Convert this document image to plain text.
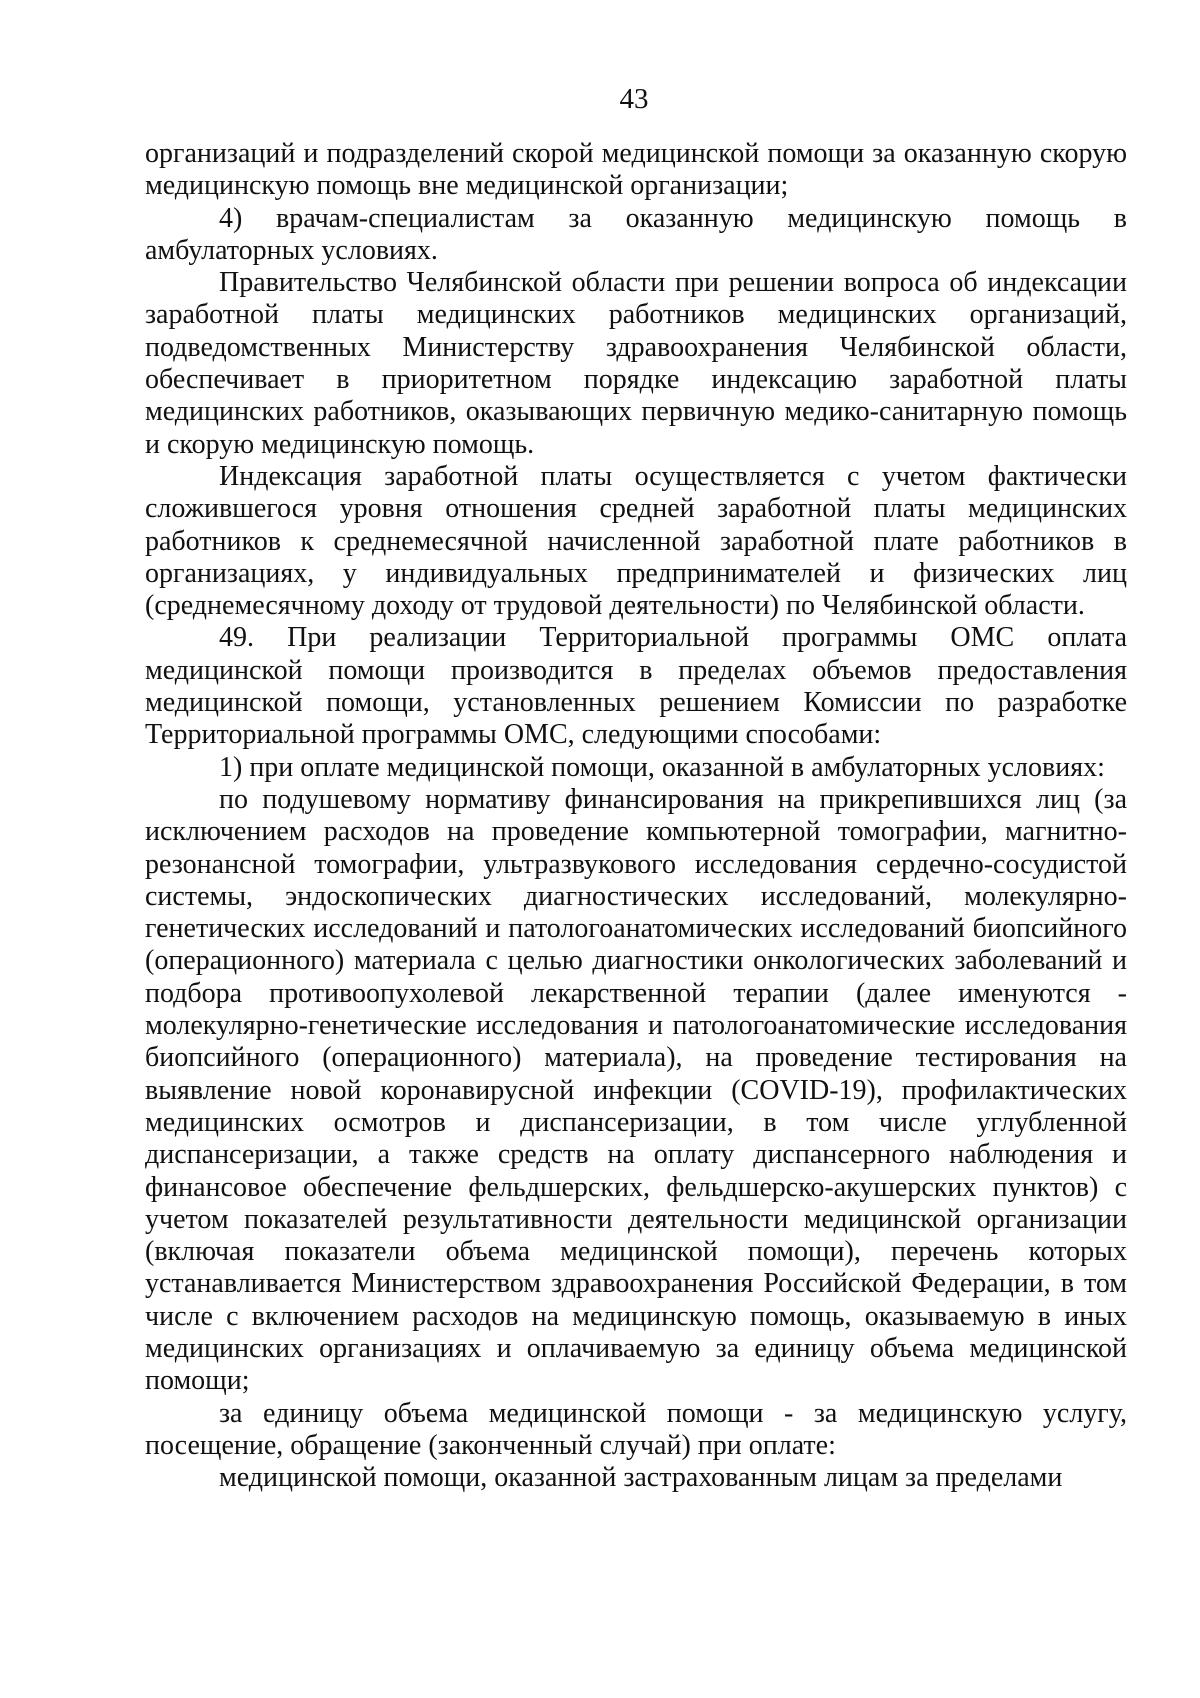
43

организаций и подразделений скорой медицинской помощи за оказанную скорую медицинскую помощь вне медицинской организации;

4) врачам-специалистам за оказанную медицинскую помощь в амбулаторных условиях.

Правительство Челябинской области при решении вопроса об индексации заработной платы медицинских работников медицинских организаций, подведомственных Министерству здравоохранения Челябинской области, обеспечивает в приоритетном порядке индексацию заработной платы медицинских работников, оказывающих первичную медико-санитарную помощь и скорую медицинскую помощь.

Индексация заработной платы осуществляется с учетом фактически сложившегося уровня отношения средней заработной платы медицинских работников к среднемесячной начисленной заработной плате работников в организациях, у индивидуальных предпринимателей и физических лиц (среднемесячному доходу от трудовой деятельности) по Челябинской области.

49. При реализации Территориальной программы ОМС оплата медицинской помощи производится в пределах объемов предоставления медицинской помощи, установленных решением Комиссии по разработке Территориальной программы ОМС, следующими способами:

1) при оплате медицинской помощи, оказанной в амбулаторных условиях:

по подушевому нормативу финансирования на прикрепившихся лиц (за исключением расходов на проведение компьютерной томографии, магнитно-резонансной томографии, ультразвукового исследования сердечно-сосудистой системы, эндоскопических диагностических исследований, молекулярно-генетических исследований и патологоанатомических исследований биопсийного (операционного) материала с целью диагностики онкологических заболеваний и подбора противоопухолевой лекарственной терапии (далее именуются - молекулярно-генетические исследования и патологоанатомические исследования биопсийного (операционного) материала), на проведение тестирования на выявление новой коронавирусной инфекции (COVID-19), профилактических медицинских осмотров и диспансеризации, в том числе углубленной диспансеризации, а также средств на оплату диспансерного наблюдения и финансовое обеспечение фельдшерских, фельдшерско-акушерских пунктов) с учетом показателей результативности деятельности медицинской организации (включая показатели объема медицинской помощи), перечень которых устанавливается Министерством здравоохранения Российской Федерации, в том числе с включением расходов на медицинскую помощь, оказываемую в иных медицинских организациях и оплачиваемую за единицу объема медицинской помощи;

за единицу объема медицинской помощи - за медицинскую услугу, посещение, обращение (законченный случай) при оплате:

медицинской помощи, оказанной застрахованным лицам за пределами
